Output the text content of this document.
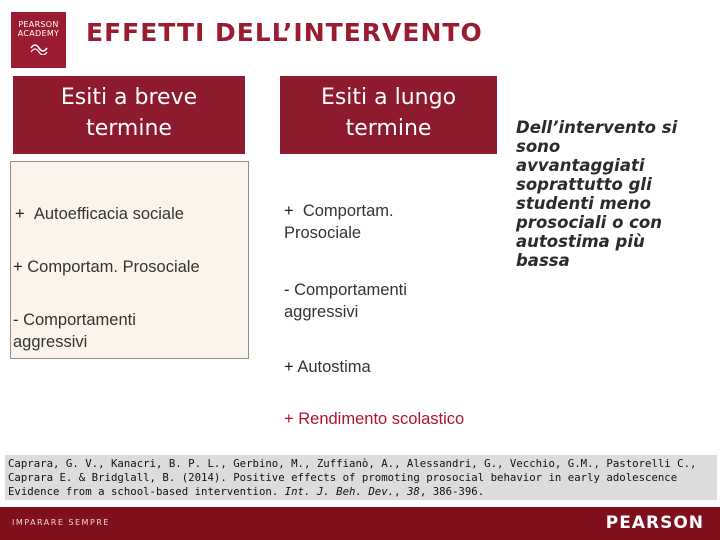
PEARSON
ACADEMY EFFETTI DELL’INTERVENTO
Esiti a breve
termine
Esiti a lungo
termine

+ Autoefficacia sociale

+ Comportam. Prosociale

- Comportamenti
aggressivi

+ Comportam.
Prosociale

- Comportamenti
aggressivi

+ Autostima

+ Rendimento scolastico

Dell’intervento si
sono
avvantaggiati
soprattutto gli
studenti meno
prosociali o con
autostima più
bassa
Caprara, G. V., Kanacri, B. P. L., Gerbino, M., Zuffianò, A., Alessandri, G., Vecchio, G.M., Pastorelli C.,
Caprara E. & Bridglall, B. (2014). Positive effects of promoting prosocial behavior in early adolescence
Evidence from a school-based intervention. Int. J. Beh. Dev., 38, 386-396.
IMPARARE SEMPRE	PEARSON
